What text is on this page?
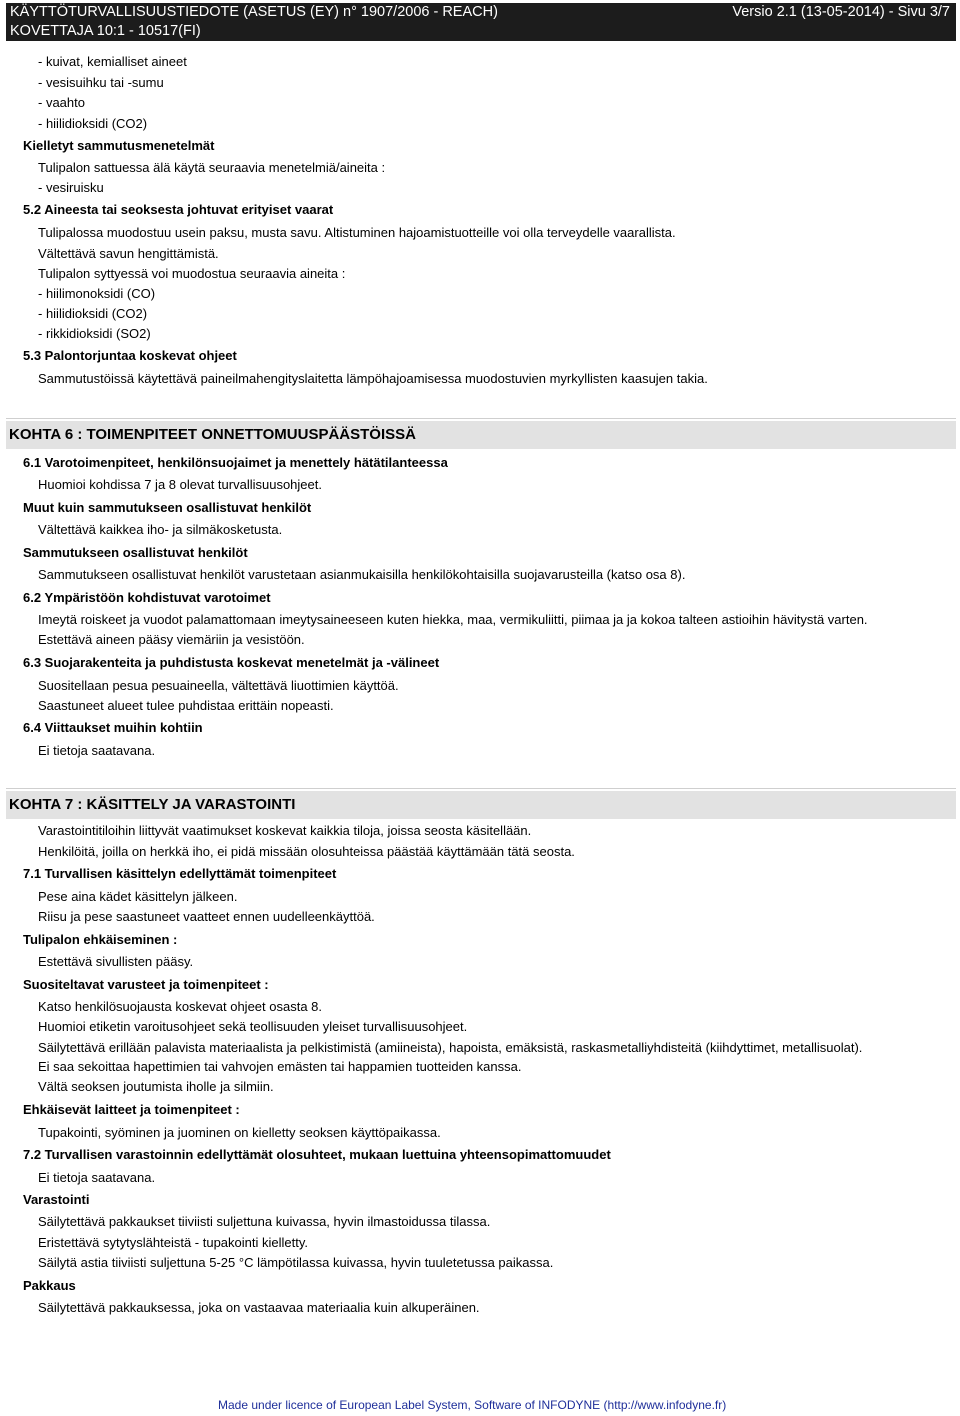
KÄYTTÖTURVALLISUUSTIEDOTE (ASETUS (EY) n° 1907/2006 - REACH)	Versio 2.1 (13-05-2014) - Sivu 3/7
KOVETTAJA 10:1 - 10517(FI)
- kuivat, kemialliset aineet
- vesisuihku tai -sumu
- vaahto
- hiilidioksidi (CO2)
Kielletyt sammutusmenetelmät
Tulipalon sattuessa älä käytä seuraavia menetelmiä/aineita :
- vesiruisku
5.2 Aineesta tai seoksesta johtuvat erityiset vaarat
Tulipalossa muodostuu usein paksu, musta savu. Altistuminen hajoamistuotteille voi olla terveydelle vaarallista.
Vältettävä savun hengittämistä.
Tulipalon syttyessä voi muodostua seuraavia aineita :
- hiilimonoksidi (CO)
- hiilidioksidi (CO2)
- rikkidioksidi (SO2)
5.3 Palontorjuntaa koskevat ohjeet
Sammutustöissä käytettävä paineilmahengityslaitetta lämpöhajoamisessa muodostuvien myrkyllisten kaasujen takia.
KOHTA 6 : TOIMENPITEET ONNETTOMUUSPÄÄSTÖISSÄ
6.1 Varotoimenpiteet, henkilönsuojaimet ja menettely hätätilanteessa
Huomioi kohdissa 7 ja 8 olevat turvallisuusohjeet.
Muut kuin sammutukseen osallistuvat henkilöt
Vältettävä kaikkea iho- ja silmäkosketusta.
Sammutukseen osallistuvat henkilöt
Sammutukseen osallistuvat henkilöt varustetaan asianmukaisilla henkilökohtaisilla suojavarusteilla (katso osa 8).
6.2 Ympäristöön kohdistuvat varotoimet
Imeytä roiskeet ja vuodot palamattomaan imeytysaineeseen kuten hiekka, maa, vermikuliitti, piimaa ja ja kokoa talteen astioihin hävitystä varten.
Estettävä aineen pääsy viemäriin ja vesistöön.
6.3 Suojarakenteita ja puhdistusta koskevat menetelmät ja -välineet
Suositellaan pesua pesuaineella, vältettävä liuottimien käyttöä.
Saastuneet alueet tulee puhdistaa erittäin nopeasti.
6.4 Viittaukset muihin kohtiin
Ei tietoja saatavana.
KOHTA 7 : KÄSITTELY JA VARASTOINTI
Varastointitiloihin liittyvät vaatimukset koskevat kaikkia tiloja, joissa seosta käsitellään.
Henkilöitä, joilla on herkkä iho, ei pidä missään olosuhteissa päästää käyttämään tätä seosta.
7.1 Turvallisen käsittelyn edellyttämät toimenpiteet
Pese aina kädet käsittelyn jälkeen.
Riisu ja pese saastuneet vaatteet ennen uudelleenkäyttöä.
Tulipalon ehkäiseminen :
Estettävä sivullisten pääsy.
Suositeltavat varusteet ja toimenpiteet :
Katso henkilösuojausta koskevat ohjeet osasta 8.
Huomioi etiketin varoitusohjeet sekä teollisuuden yleiset turvallisuusohjeet.
Säilytettävä erillään palavista materiaalista ja pelkistimistä (amiineista), hapoista, emäksistä, raskasmetalliyhdisteitä (kiihdyttimet, metallisuolat).
Ei saa sekoittaa hapettimien tai vahvojen emästen tai happamien tuotteiden kanssa.
Vältä seoksen joutumista iholle ja silmiin.
Ehkäisevät laitteet ja toimenpiteet :
Tupakointi, syöminen ja juominen on kielletty seoksen käyttöpaikassa.
7.2 Turvallisen varastoinnin edellyttämät olosuhteet, mukaan luettuina yhteensopimattomuudet
Ei tietoja saatavana.
Varastointi
Säilytettävä pakkaukset tiiviisti suljettuna kuivassa, hyvin ilmastoidussa tilassa.
Eristettävä sytytyslähteistä - tupakointi kielletty.
Säilytä astia tiiviisti suljettuna 5-25 °C lämpötilassa kuivassa, hyvin tuuletetussa paikassa.
Pakkaus
Säilytettävä pakkauksessa, joka on vastaavaa materiaalia kuin alkuperäinen.
Made under licence of European Label System, Software of INFODYNE (http://www.infodyne.fr)
